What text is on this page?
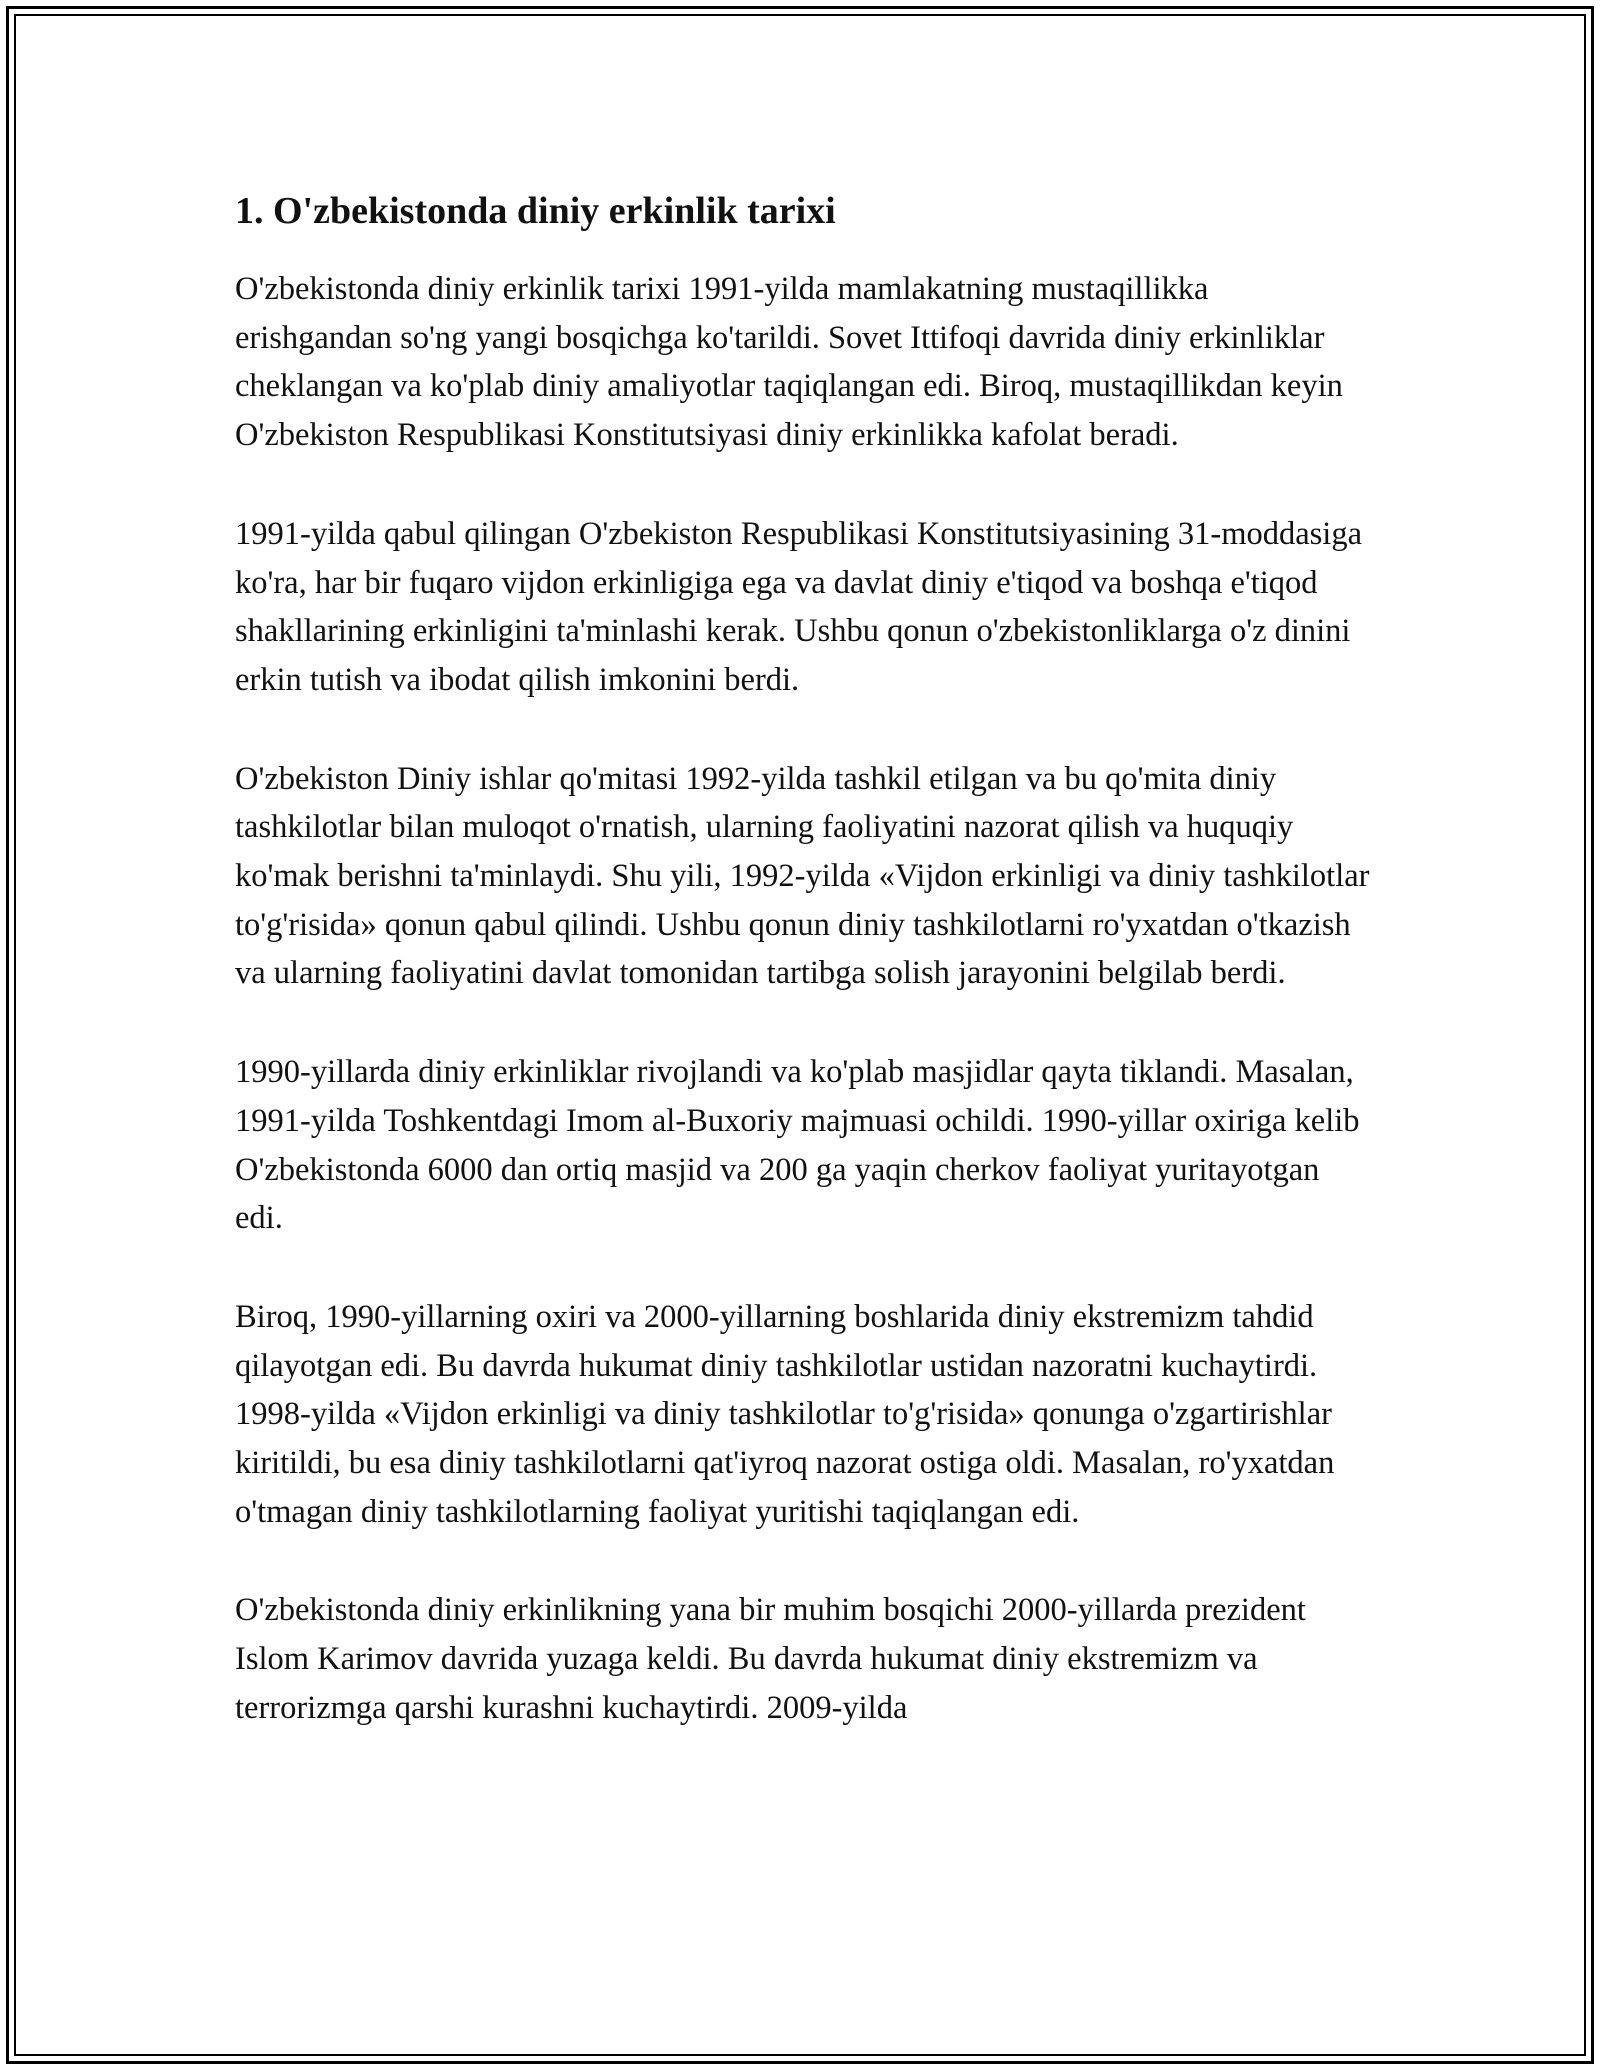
1. O'zbekistonda diniy erkinlik tarixi

O'zbekistonda diniy erkinlik tarixi 1991-yilda mamlakatning mustaqillikka erishgandan so'ng yangi bosqichga ko'tarildi. Sovet Ittifoqi davrida diniy erkinliklar cheklangan va ko'plab diniy amaliyotlar taqiqlangan edi. Biroq, mustaqillikdan keyin O'zbekiston Respublikasi Konstitutsiyasi diniy erkinlikka kafolat beradi.

1991-yilda qabul qilingan O'zbekiston Respublikasi Konstitutsiyasining 31-moddasiga ko'ra, har bir fuqaro vijdon erkinligiga ega va davlat diniy e'tiqod va boshqa e'tiqod shakllarining erkinligini ta'minlashi kerak. Ushbu qonun o'zbekistonliklarga o'z dinini erkin tutish va ibodat qilish imkonini berdi.

O'zbekiston Diniy ishlar qo'mitasi 1992-yilda tashkil etilgan va bu qo'mita diniy tashkilotlar bilan muloqot o'rnatish, ularning faoliyatini nazorat qilish va huquqiy ko'mak berishni ta'minlaydi. Shu yili, 1992-yilda «Vijdon erkinligi va diniy tashkilotlar to'g'risida» qonun qabul qilindi. Ushbu qonun diniy tashkilotlarni ro'yxatdan o'tkazish va ularning faoliyatini davlat tomonidan tartibga solish jarayonini belgilab berdi.

1990-yillarda diniy erkinliklar rivojlandi va ko'plab masjidlar qayta tiklandi. Masalan, 1991-yilda Toshkentdagi Imom al-Buxoriy majmuasi ochildi. 1990-yillar oxiriga kelib O'zbekistonda 6000 dan ortiq masjid va 200 ga yaqin cherkov faoliyat yuritayotgan edi.

Biroq, 1990-yillarning oxiri va 2000-yillarning boshlarida diniy ekstremizm tahdid qilayotgan edi. Bu davrda hukumat diniy tashkilotlar ustidan nazoratni kuchaytirdi. 1998-yilda «Vijdon erkinligi va diniy tashkilotlar to'g'risida» qonunga o'zgartirishlar kiritildi, bu esa diniy tashkilotlarni qat'iyroq nazorat ostiga oldi. Masalan, ro'yxatdan o'tmagan diniy tashkilotlarning faoliyat yuritishi taqiqlangan edi.

O'zbekistonda diniy erkinlikning yana bir muhim bosqichi 2000-yillarda prezident Islom Karimov davrida yuzaga keldi. Bu davrda hukumat diniy ekstremizm va terrorizmga qarshi kurashni kuchaytirdi. 2009-yilda
